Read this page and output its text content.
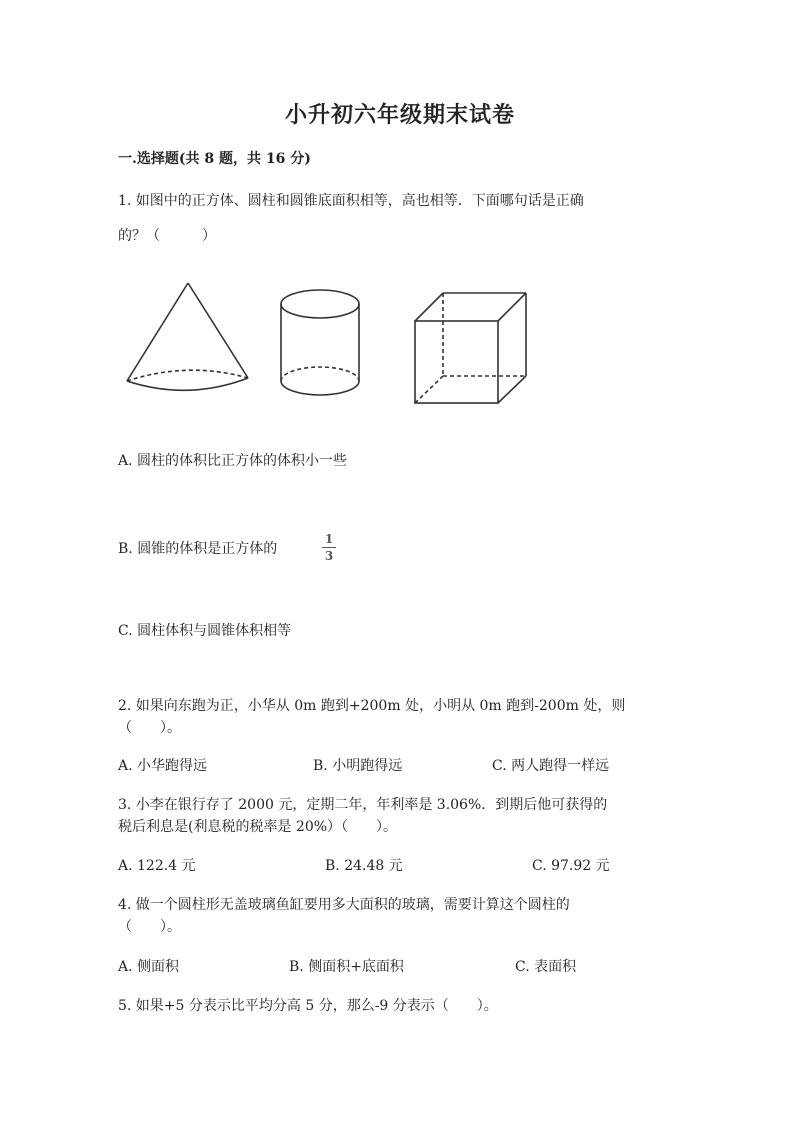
小升初六年级期末试卷
一.选择题(共 8 题，共 16 分)
1. 如图中的正方体、圆柱和圆锥底面积相等，高也相等．下面哪句话是正确
的？（　　　）
A. 圆柱的体积比正方体的体积小一些
B. 圆锥的体积是正方体的
1
3
C. 圆柱体积与圆锥体积相等
2. 如果向东跑为正，小华从 0m 跑到+200m 处，小明从 0m 跑到-200m 处，则
（　　）。
A. 小华跑得远	B. 小明跑得远	C. 两人跑得一样远
3. 小李在银行存了 2000 元，定期二年，年利率是 3.06%．到期后他可获得的
税后利息是(利息税的税率是 20%）（　　）。
A. 122.4 元	B. 24.48 元	C. 97.92 元
4. 做一个圆柱形无盖玻璃鱼缸要用多大面积的玻璃，需要计算这个圆柱的
（　　）。
A. 侧面积	B. 侧面积+底面积	C. 表面积
5. 如果+5 分表示比平均分高 5 分，那么-9 分表示（　　）。
